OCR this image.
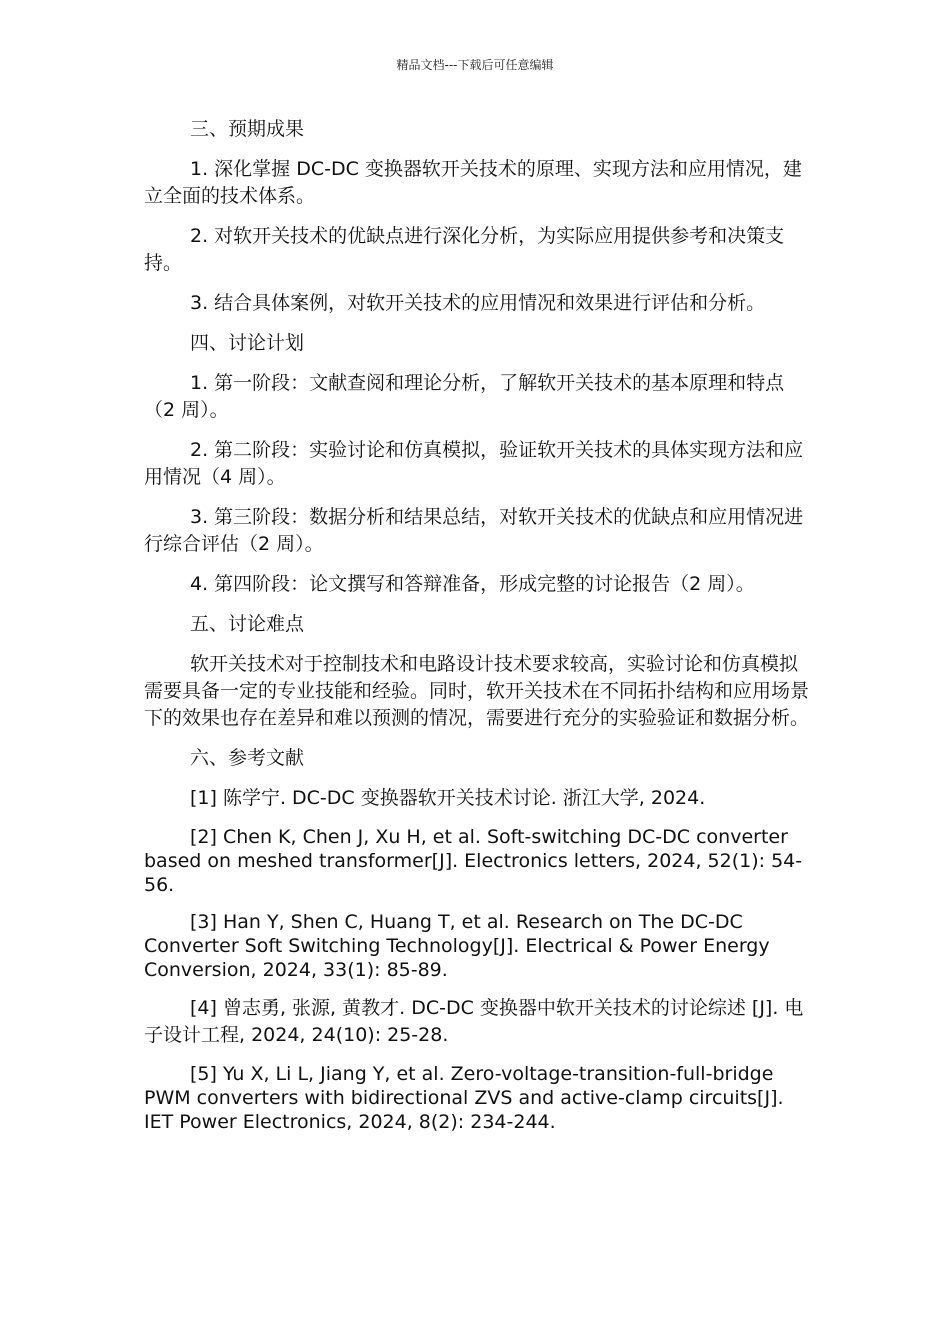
精品文档---下载后可任意编辑

三、预期成果

1. 深化掌握 DC-DC 变换器软开关技术的原理、实现方法和应用情况，建立全面的技术体系。

2. 对软开关技术的优缺点进行深化分析，为实际应用提供参考和决策支持。

3. 结合具体案例，对软开关技术的应用情况和效果进行评估和分析。

四、讨论计划

1. 第一阶段：文献查阅和理论分析，了解软开关技术的基本原理和特点（2 周）。

2. 第二阶段：实验讨论和仿真模拟，验证软开关技术的具体实现方法和应用情况（4 周）。

3. 第三阶段：数据分析和结果总结，对软开关技术的优缺点和应用情况进行综合评估（2 周）。

4. 第四阶段：论文撰写和答辩准备，形成完整的讨论报告（2 周）。

五、讨论难点

软开关技术对于控制技术和电路设计技术要求较高，实验讨论和仿真模拟需要具备一定的专业技能和经验。同时，软开关技术在不同拓扑结构和应用场景下的效果也存在差异和难以预测的情况，需要进行充分的实验验证和数据分析。

六、参考文献

[1] 陈学宁. DC-DC 变换器软开关技术讨论. 浙江大学, 2024.

[2] Chen K, Chen J, Xu H, et al. Soft-switching DC-DC converter based on meshed transformer[J]. Electronics letters, 2024, 52(1): 54-56.

[3] Han Y, Shen C, Huang T, et al. Research on The DC-DC Converter Soft Switching Technology[J]. Electrical & Power Energy Conversion, 2024, 33(1): 85-89.

[4] 曾志勇, 张源, 黄教才. DC-DC 变换器中软开关技术的讨论综述 [J]. 电子设计工程, 2024, 24(10): 25-28.

[5] Yu X, Li L, Jiang Y, et al. Zero-voltage-transition-full-bridge PWM converters with bidirectional ZVS and active-clamp circuits[J]. IET Power Electronics, 2024, 8(2): 234-244.
